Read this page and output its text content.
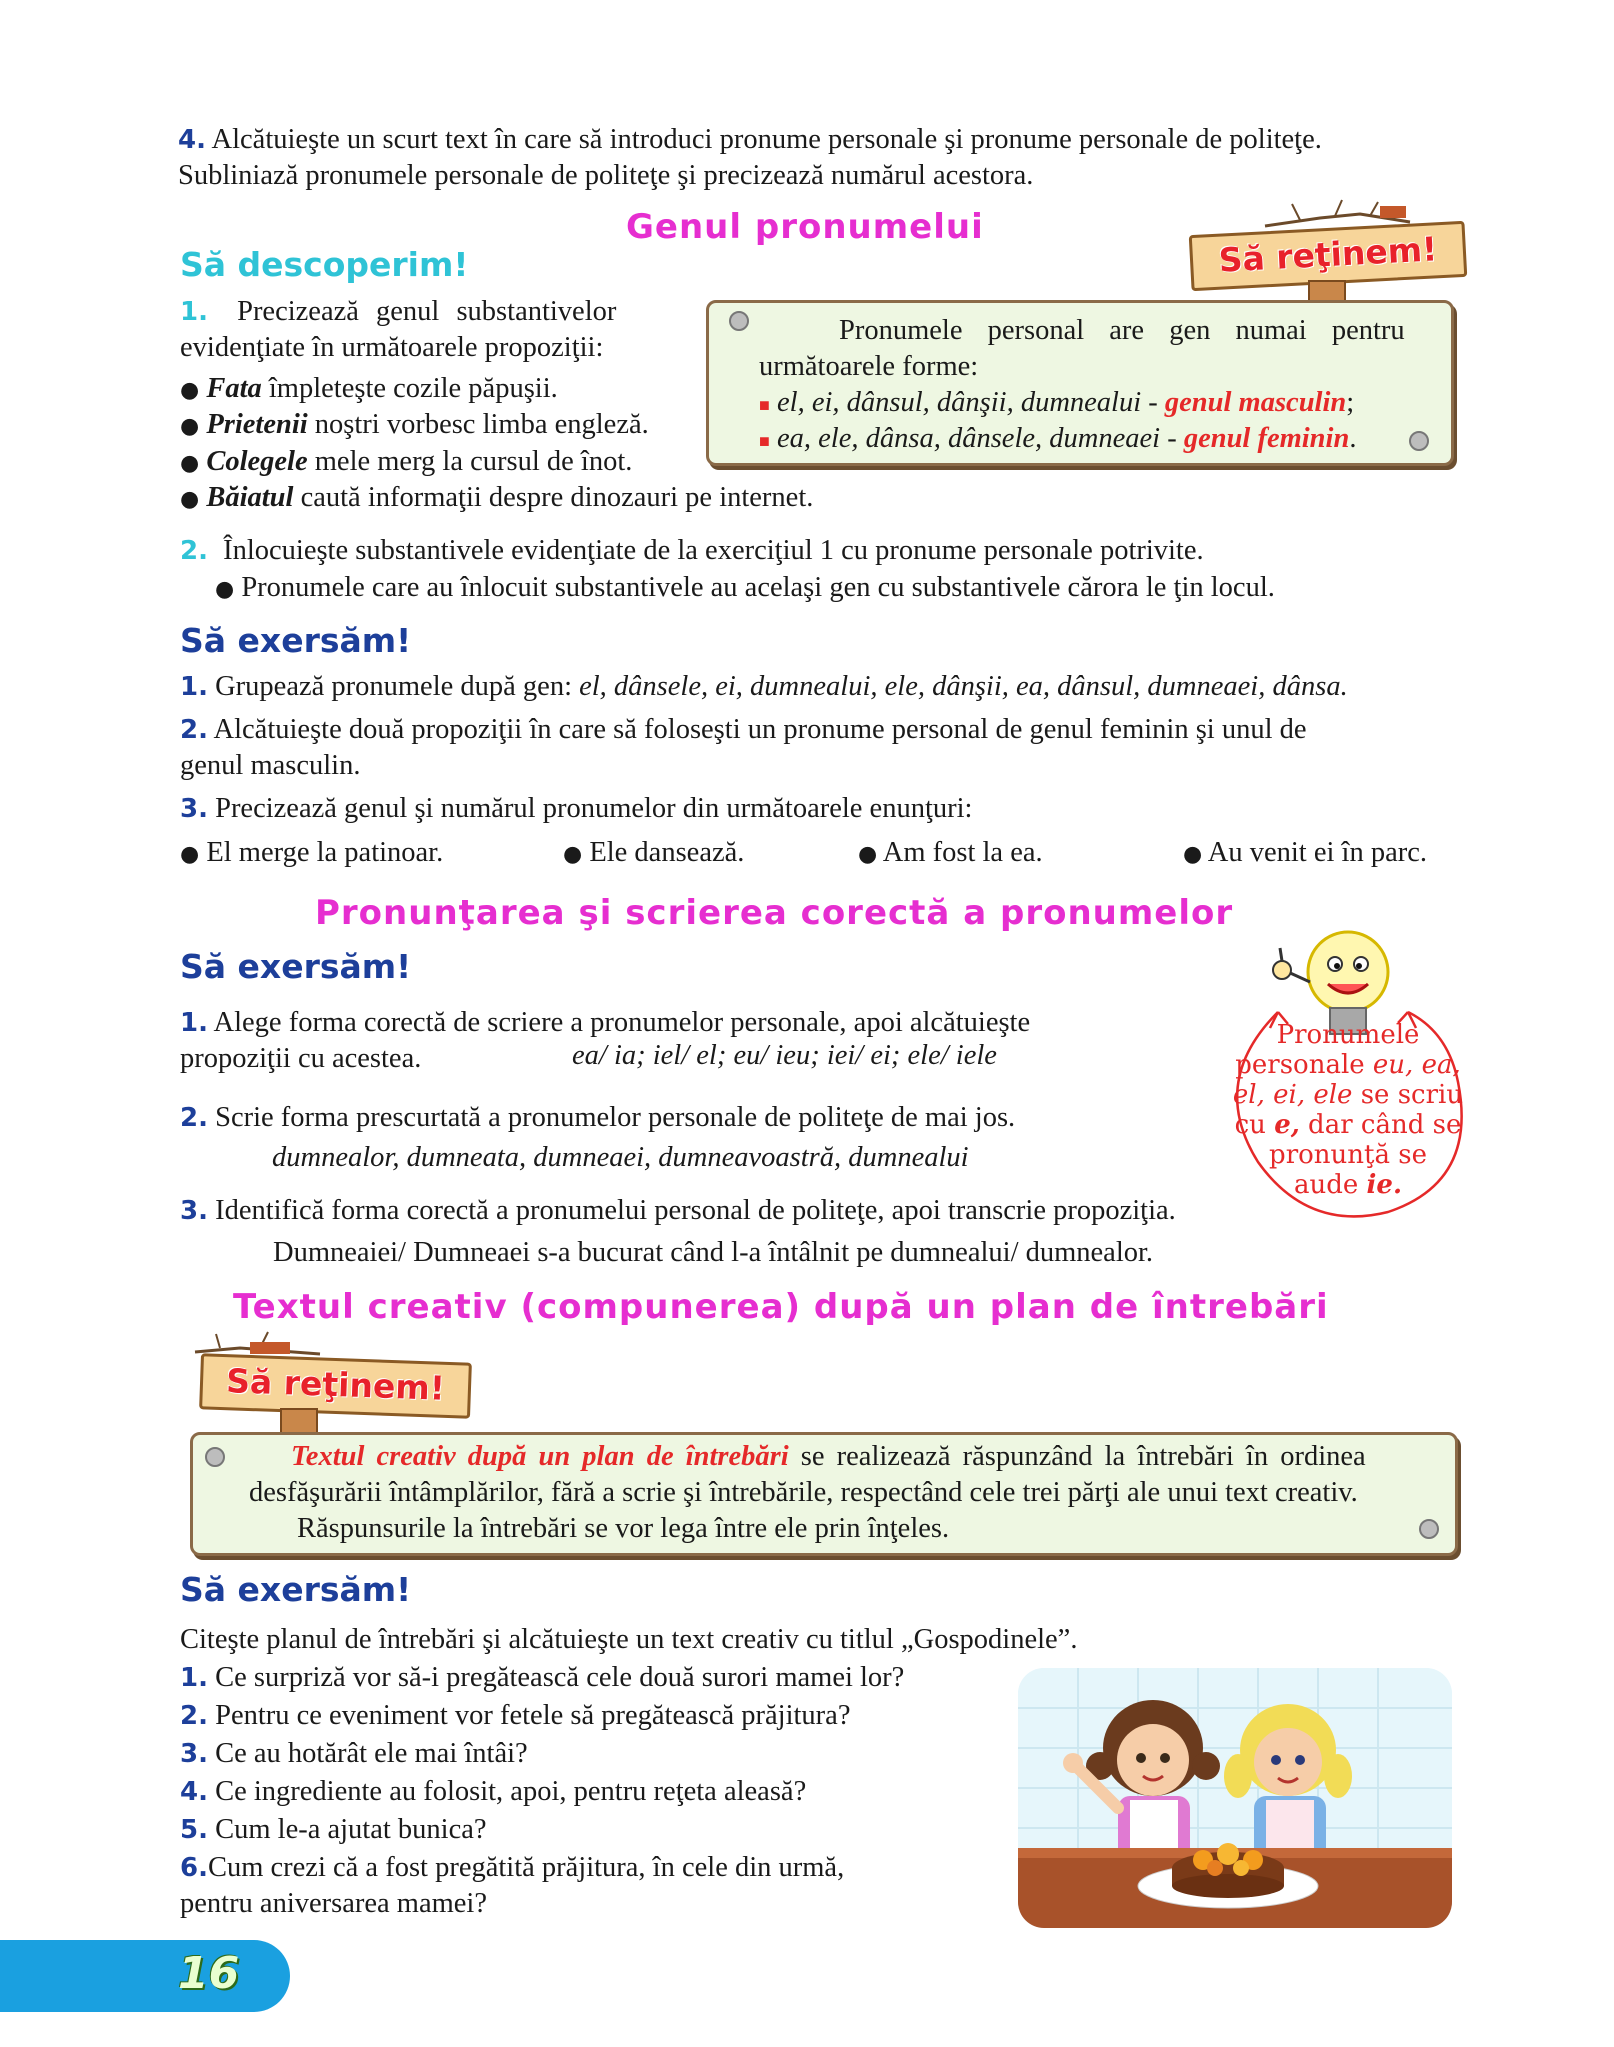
4. Alcătuieşte un scurt text în care să introduci pronume personale şi pronume personale de politeţe.
Subliniază pronumele personale de politeţe şi precizează numărul acestora.
Genul pronumelui
Să descoperim!	Să reţinem!
1. Precizează genul substantivelor
evidenţiate în următoarele propoziţii:
● Fata împleteşte cozile păpuşii.
● Prietenii noştri vorbesc limba engleză.
● Colegele mele merg la cursul de înot.
● Băiatul caută informaţii despre dinozauri pe internet.
Pronumele personal are gen numai pentru
următoarele forme:
■ el, ei, dânsul, dânşii, dumnealui - genul masculin;
■ ea, ele, dânsa, dânsele, dumneaei - genul feminin.
2. Înlocuieşte substantivele evidenţiate de la exerciţiul 1 cu pronume personale potrivite.
● Pronumele care au înlocuit substantivele au acelaşi gen cu substantivele cărora le ţin locul.
Să exersăm!
1. Grupează pronumele după gen: el, dânsele, ei, dumnealui, ele, dânşii, ea, dânsul, dumneaei, dânsa.
2. Alcătuieşte două propoziţii în care să foloseşti un pronume personal de genul feminin şi unul de
genul masculin.
3. Precizează genul şi numărul pronumelor din următoarele enunţuri:
● El merge la patinoar.	● Ele dansează.	● Am fost la ea.	● Au venit ei în parc.
Pronunţarea şi scrierea corectă a pronumelor
Să exersăm!
1. Alege forma corectă de scriere a pronumelor personale, apoi alcătuieşte
propoziţii cu acestea.	ea/ ia; iel/ el; eu/ ieu; iei/ ei; ele/ iele
2. Scrie forma prescurtată a pronumelor personale de politeţe de mai jos.
dumnealor, dumneata, dumneaei, dumneavoastră, dumnealui
3. Identifică forma corectă a pronumelui personal de politeţe, apoi transcrie propoziţia.
Dumneaiei/ Dumneaei s-a bucurat când l-a întâlnit pe dumnealui/ dumnealor.
Pronumele
personale eu, ea,
el, ei, ele se scriu
cu e, dar când se
pronunţă se
aude ie.
Textul creativ (compunerea) după un plan de întrebări
Să reţinem!
Textul creativ după un plan de întrebări se realizează răspunzând la întrebări în ordinea
desfăşurării întâmplărilor, fără a scrie şi întrebările, respectând cele trei părţi ale unui text creativ.
Răspunsurile la întrebări se vor lega între ele prin înţeles.
Să exersăm!
Citeşte planul de întrebări şi alcătuieşte un text creativ cu titlul „Gospodinele”.
1. Ce surpriză vor să-i pregătească cele două surori mamei lor?
2. Pentru ce eveniment vor fetele să pregătească prăjitura?
3. Ce au hotărât ele mai întâi?
4. Ce ingrediente au folosit, apoi, pentru reţeta aleasă?
5. Cum le-a ajutat bunica?
6.Cum crezi că a fost pregătită prăjitura, în cele din urmă,
pentru aniversarea mamei?
16
